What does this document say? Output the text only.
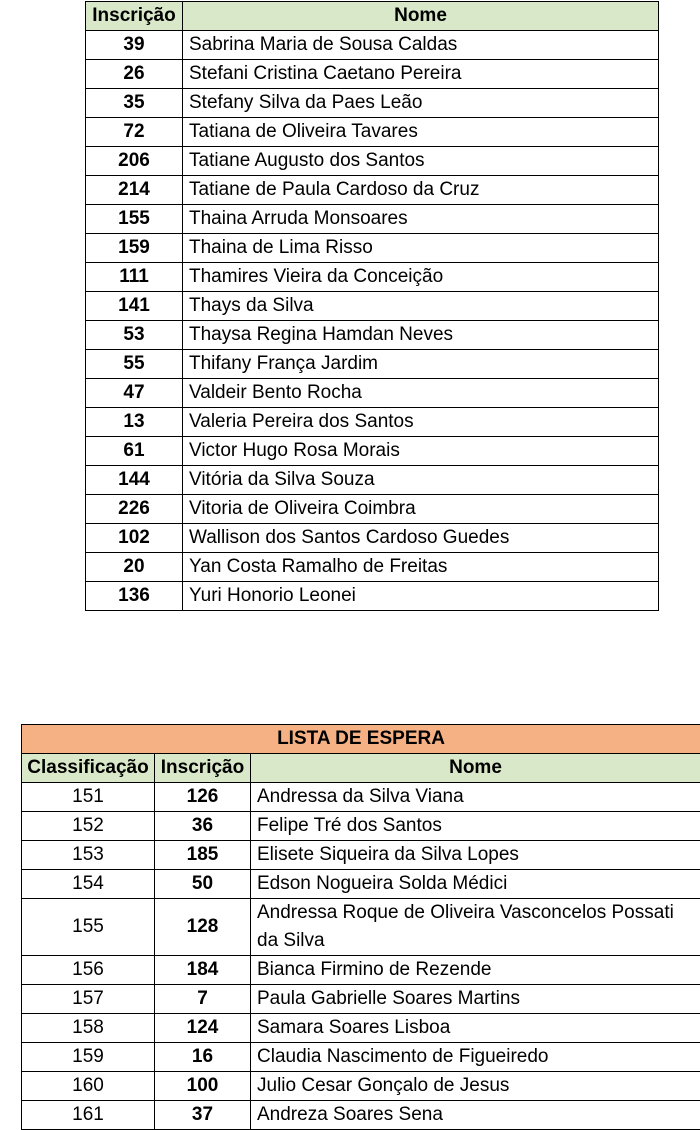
Inscrição	Nome
39	Sabrina Maria de Sousa Caldas
26	Stefani Cristina Caetano Pereira
35	Stefany Silva da Paes Leão
72	Tatiana de Oliveira Tavares
206	Tatiane Augusto dos Santos
214	Tatiane de Paula Cardoso da Cruz
155	Thaina Arruda Monsoares
159	Thaina de Lima Risso
111	Thamires Vieira da Conceição
141	Thays da Silva
53	Thaysa Regina Hamdan Neves
55	Thifany França Jardim
47	Valdeir Bento Rocha
13	Valeria Pereira dos Santos
61	Victor Hugo Rosa Morais
144	Vitória da Silva Souza
226	Vitoria de Oliveira Coimbra
102	Wallison dos Santos Cardoso Guedes
20	Yan Costa Ramalho de Freitas
136	Yuri Honorio Leonei
LISTA DE ESPERA		
Classificação	Inscrição	Nome
151	126	Andressa da Silva Viana
152	36	Felipe Tré dos Santos
153	185	Elisete Siqueira da Silva Lopes
154	50	Edson Nogueira Solda Médici
155	128	Andressa Roque de Oliveira Vasconcelos Possati da Silva
156	184	Bianca Firmino de Rezende
157	7	Paula Gabrielle Soares Martins
158	124	Samara Soares Lisboa
159	16	Claudia Nascimento de Figueiredo
160	100	Julio Cesar Gonçalo de Jesus
161	37	Andreza Soares Sena
